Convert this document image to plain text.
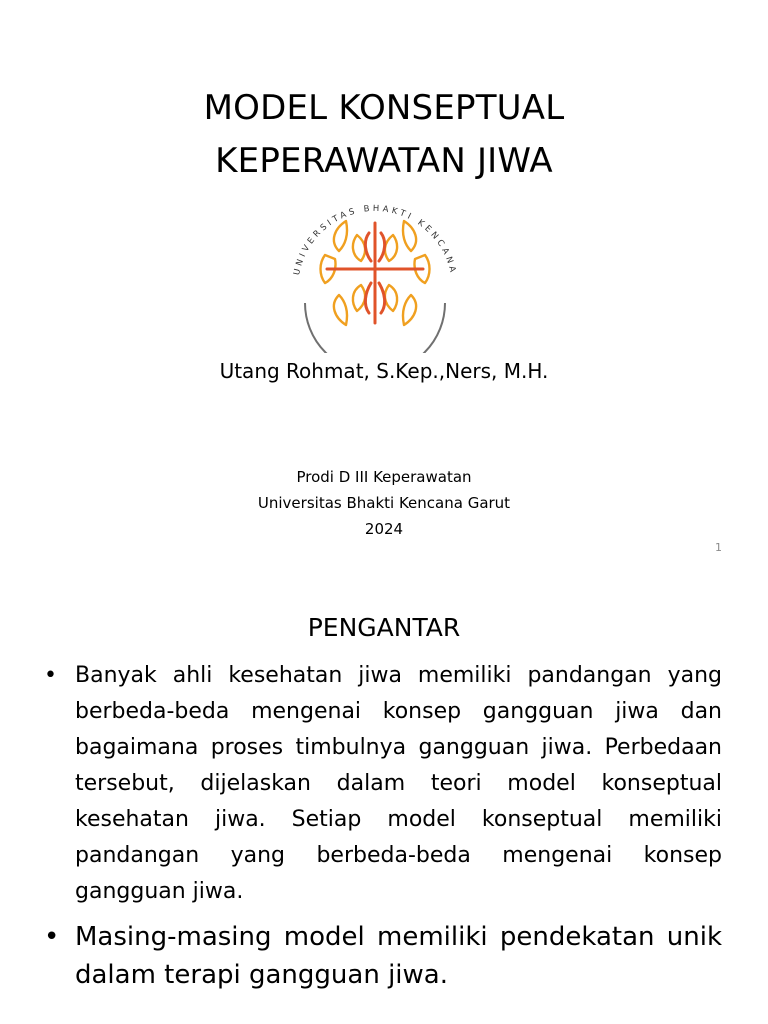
MODEL KONSEPTUAL
KEPERAWATAN JIWA
UNIVERSITAS BHAKTI KENCANA
Utang Rohmat, S.Kep.,Ners, M.H.
Prodi D III Keperawatan
Universitas Bhakti Kencana Garut
2024
1
PENGANTAR
• Banyak ahli kesehatan jiwa memiliki pandangan yang berbeda-beda mengenai konsep gangguan jiwa dan bagaimana proses timbulnya gangguan jiwa. Perbedaan tersebut, dijelaskan dalam teori model konseptual kesehatan jiwa. Setiap model konseptual memiliki pandangan yang berbeda-beda mengenai konsep gangguan jiwa.
• Masing-masing model memiliki pendekatan unik dalam terapi gangguan jiwa.
